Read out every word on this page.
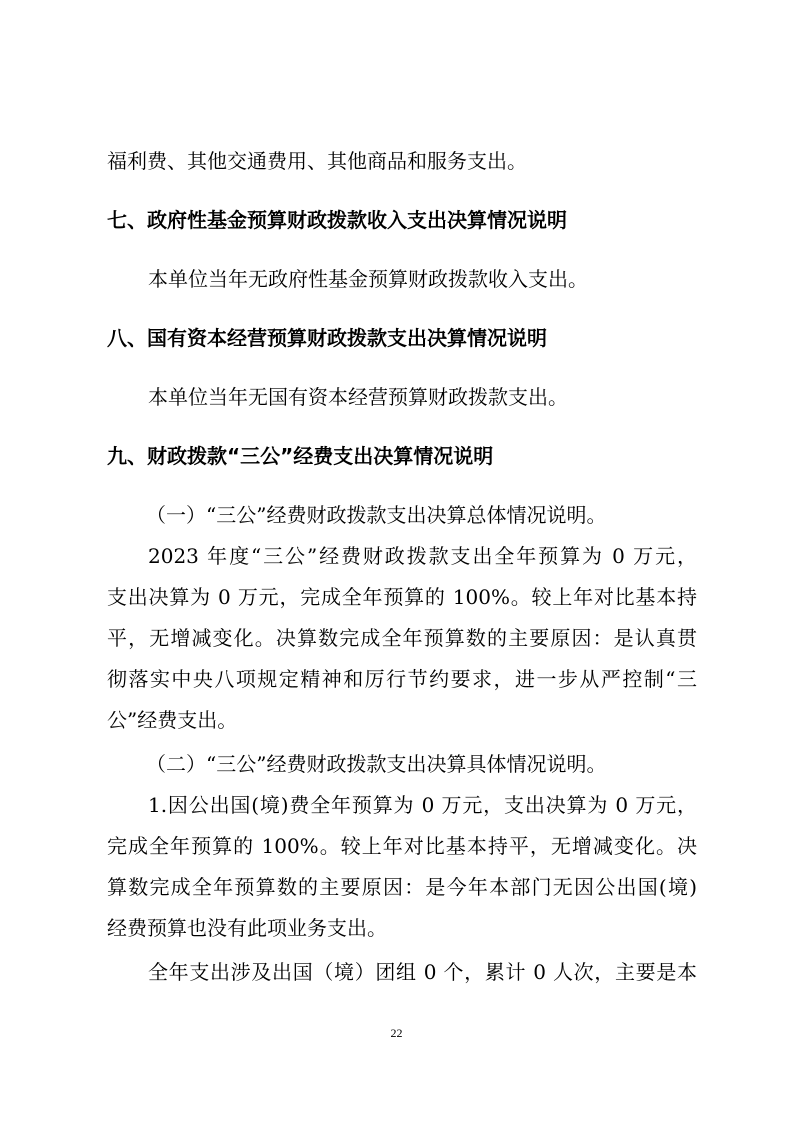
福利费、其他交通费用、其他商品和服务支出。
七、政府性基金预算财政拨款收入支出决算情况说明
本单位当年无政府性基金预算财政拨款收入支出。
八、国有资本经营预算财政拨款支出决算情况说明
本单位当年无国有资本经营预算财政拨款支出。
九、财政拨款“三公”经费支出决算情况说明
（一）“三公”经费财政拨款支出决算总体情况说明。
2023 年度“三公”经费财政拨款支出全年预算为 0 万元，
支出决算为 0 万元，完成全年预算的 100%。较上年对比基本持
平，无增减变化。决算数完成全年预算数的主要原因：是认真贯
彻落实中央八项规定精神和厉行节约要求，进一步从严控制“三
公”经费支出。
（二）“三公”经费财政拨款支出决算具体情况说明。
1.因公出国(境)费全年预算为 0 万元，支出决算为 0 万元，
完成全年预算的 100%。较上年对比基本持平，无增减变化。决
算数完成全年预算数的主要原因：是今年本部门无因公出国(境)
经费预算也没有此项业务支出。
全年支出涉及出国（境）团组 0 个，累计 0 人次，主要是本
22
